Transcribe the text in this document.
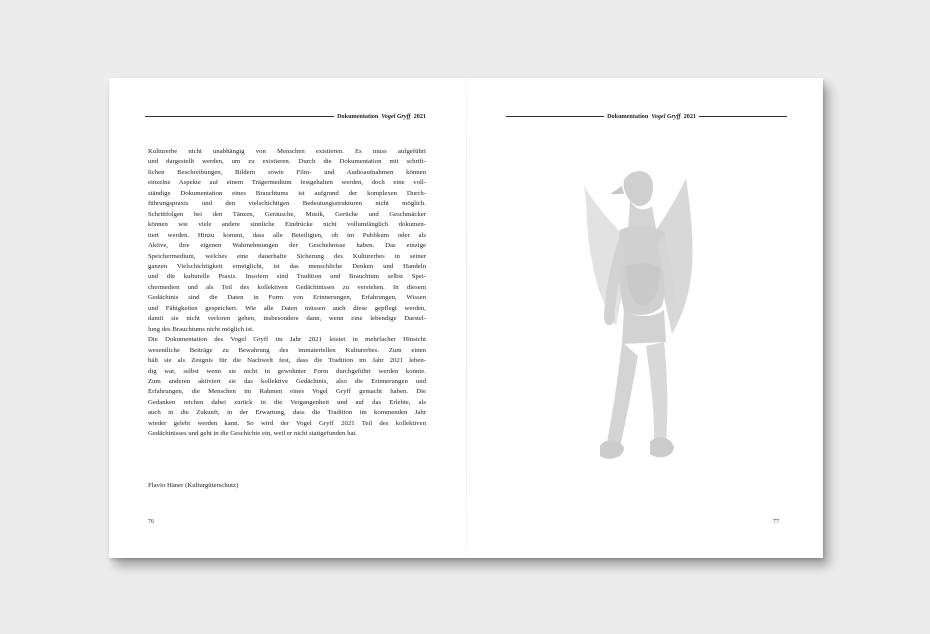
Dokumentation Vogel Gryff 2021

Kulturerbe nicht unabhängig von Menschen existieren. Es muss aufgeführt
und dargestellt werden, um zu existieren. Durch die Dokumentation mit schrift-
lichen Beschreibungen, Bildern sowie Film- und Audioaufnahmen können
einzelne Aspekte auf einem Trägermedium festgehalten werden, doch eine voll-
ständige Dokumentation eines Brauchtums ist aufgrund der komplexen Durch-
führungspraxis und den vielschichtigen Bedeutungsstrukturen nicht möglich.
Schrittfolgen bei den Tänzen, Geräusche, Musik, Gerüche und Geschmäcker
können wie viele andere sinnliche Eindrücke nicht vollumfänglich dokumen-
tiert werden. Hinzu kommt, dass alle Beteiligten, ob im Publikum oder als
Aktive, ihre eigenen Wahrnehmungen der Geschehnisse haben. Das einzige
Speichermedium, welches eine dauerhafte Sicherung des Kulturerbes in seiner
ganzen Vielschichtigkeit ermöglicht, ist das menschliche Denken und Handeln
und die kulturelle Praxis. Insofern sind Tradition und Brauchtum selbst Spei-
chermedien und als Teil des kollektiven Gedächtnisses zu verstehen. In diesem
Gedächtnis sind die Daten in Form von Erinnerungen, Erfahrungen, Wissen
und Fähigkeiten gespeichert. Wie alle Daten müssen auch diese gepflegt werden,
damit sie nicht verloren gehen, insbesondere dann, wenn eine lebendige Darstel-
lung des Brauchtums nicht möglich ist.

Die Dokumentation des Vogel Gryff im Jahr 2021 leistet in mehrfacher Hinsicht
wesentliche Beiträge zu Bewahrung des immateriellen Kulturerbes. Zum einen
hält sie als Zeugnis für die Nachwelt fest, dass die Tradition im Jahr 2021 leben-
dig war, selbst wenn sie nicht in gewohnter Form durchgeführt werden konnte.
Zum anderen aktiviert sie das kollektive Gedächtnis, also die Erinnerungen und
Erfahrungen, die Menschen im Rahmen eines Vogel Gryff gemacht haben. Die
Gedanken reichen dabei zurück in die Vergangenheit und auf das Erlebte, als
auch in die Zukunft, in der Erwartung, dass die Tradition im kommenden Jahr
wieder gelebt werden kann. So wird der Vogel Gryff 2021 Teil des kollektiven
Gedächtnisses und geht in die Geschichte ein, weil er nicht stattgefunden hat.

Flavio Häner (Kulturgüterschutz)
76
Dokumentation Vogel Gryff 2021
77
